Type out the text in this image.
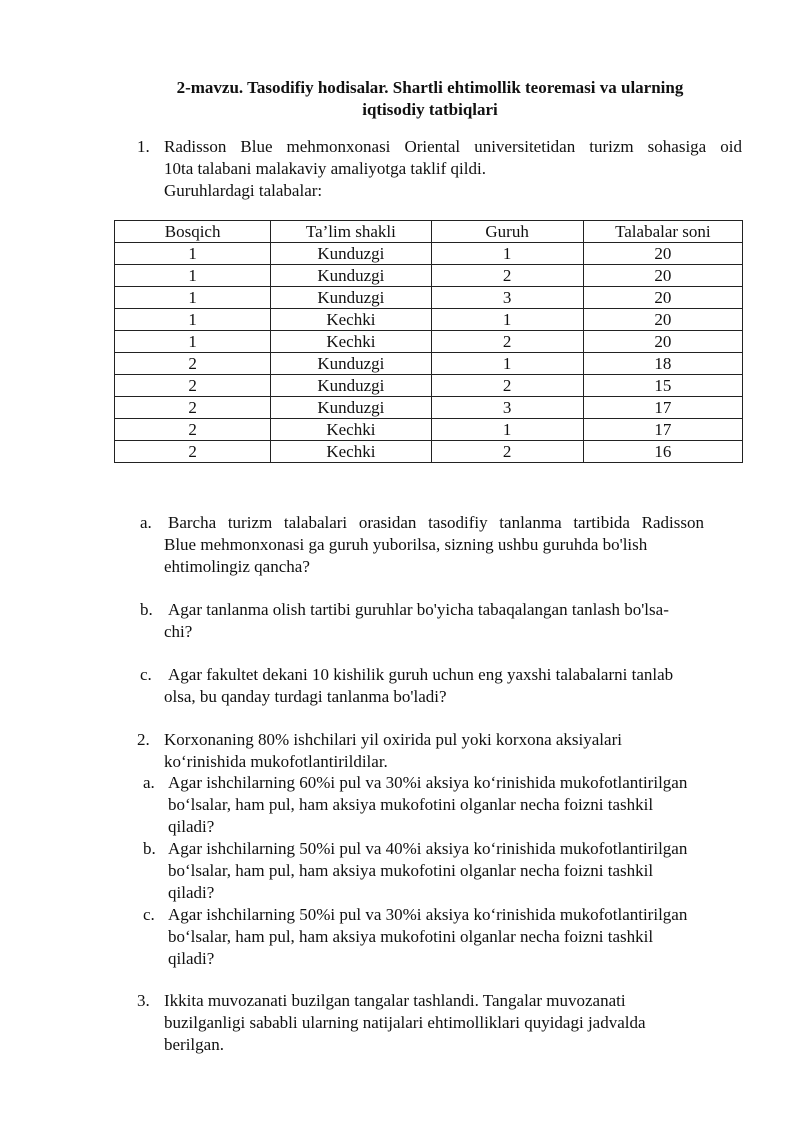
2-mavzu. Tasodifiy hodisalar. Shartli ehtimollik teoremasi va ularning
iqtisodiy tatbiqlari
1. Radisson Blue mehmonxonasi Oriental universitetidan turizm sohasiga oid
10ta talabani malakaviy amaliyotga taklif qildi.
Guruhlardagi talabalar:
Bosqich	Ta’lim shakli	Guruh	Talabalar soni
1	Kunduzgi	1	20
1	Kunduzgi	2	20
1	Kunduzgi	3	20
1	Kechki	1	20
1	Kechki	2	20
2	Kunduzgi	1	18
2	Kunduzgi	2	15
2	Kunduzgi	3	17
2	Kechki	1	17
2	Kechki	2	16
a. Barcha turizm talabalari orasidan tasodifiy tanlanma tartibida Radisson
Blue mehmonxonasi ga guruh yuborilsa, sizning ushbu guruhda bo'lish
ehtimolingiz qancha?
b. Agar tanlanma olish tartibi guruhlar bo'yicha tabaqalangan tanlash bo'lsa-
chi?
c. Agar fakultet dekani 10 kishilik guruh uchun eng yaxshi talabalarni tanlab
olsa, bu qanday turdagi tanlanma bo'ladi?
2. Korxonaning 80% ishchilari yil oxirida pul yoki korxona aksiyalari
ko‘rinishida mukofotlantirildilar.
a. Agar ishchilarning 60%i pul va 30%i aksiya ko‘rinishida mukofotlantirilgan
bo‘lsalar, ham pul, ham aksiya mukofotini olganlar necha foizni tashkil
qiladi?
b. Agar ishchilarning 50%i pul va 40%i aksiya ko‘rinishida mukofotlantirilgan
bo‘lsalar, ham pul, ham aksiya mukofotini olganlar necha foizni tashkil
qiladi?
c. Agar ishchilarning 50%i pul va 30%i aksiya ko‘rinishida mukofotlantirilgan
bo‘lsalar, ham pul, ham aksiya mukofotini olganlar necha foizni tashkil
qiladi?
3. Ikkita muvozanati buzilgan tangalar tashlandi. Tangalar muvozanati
buzilganligi sababli ularning natijalari ehtimolliklari quyidagi jadvalda
berilgan.
